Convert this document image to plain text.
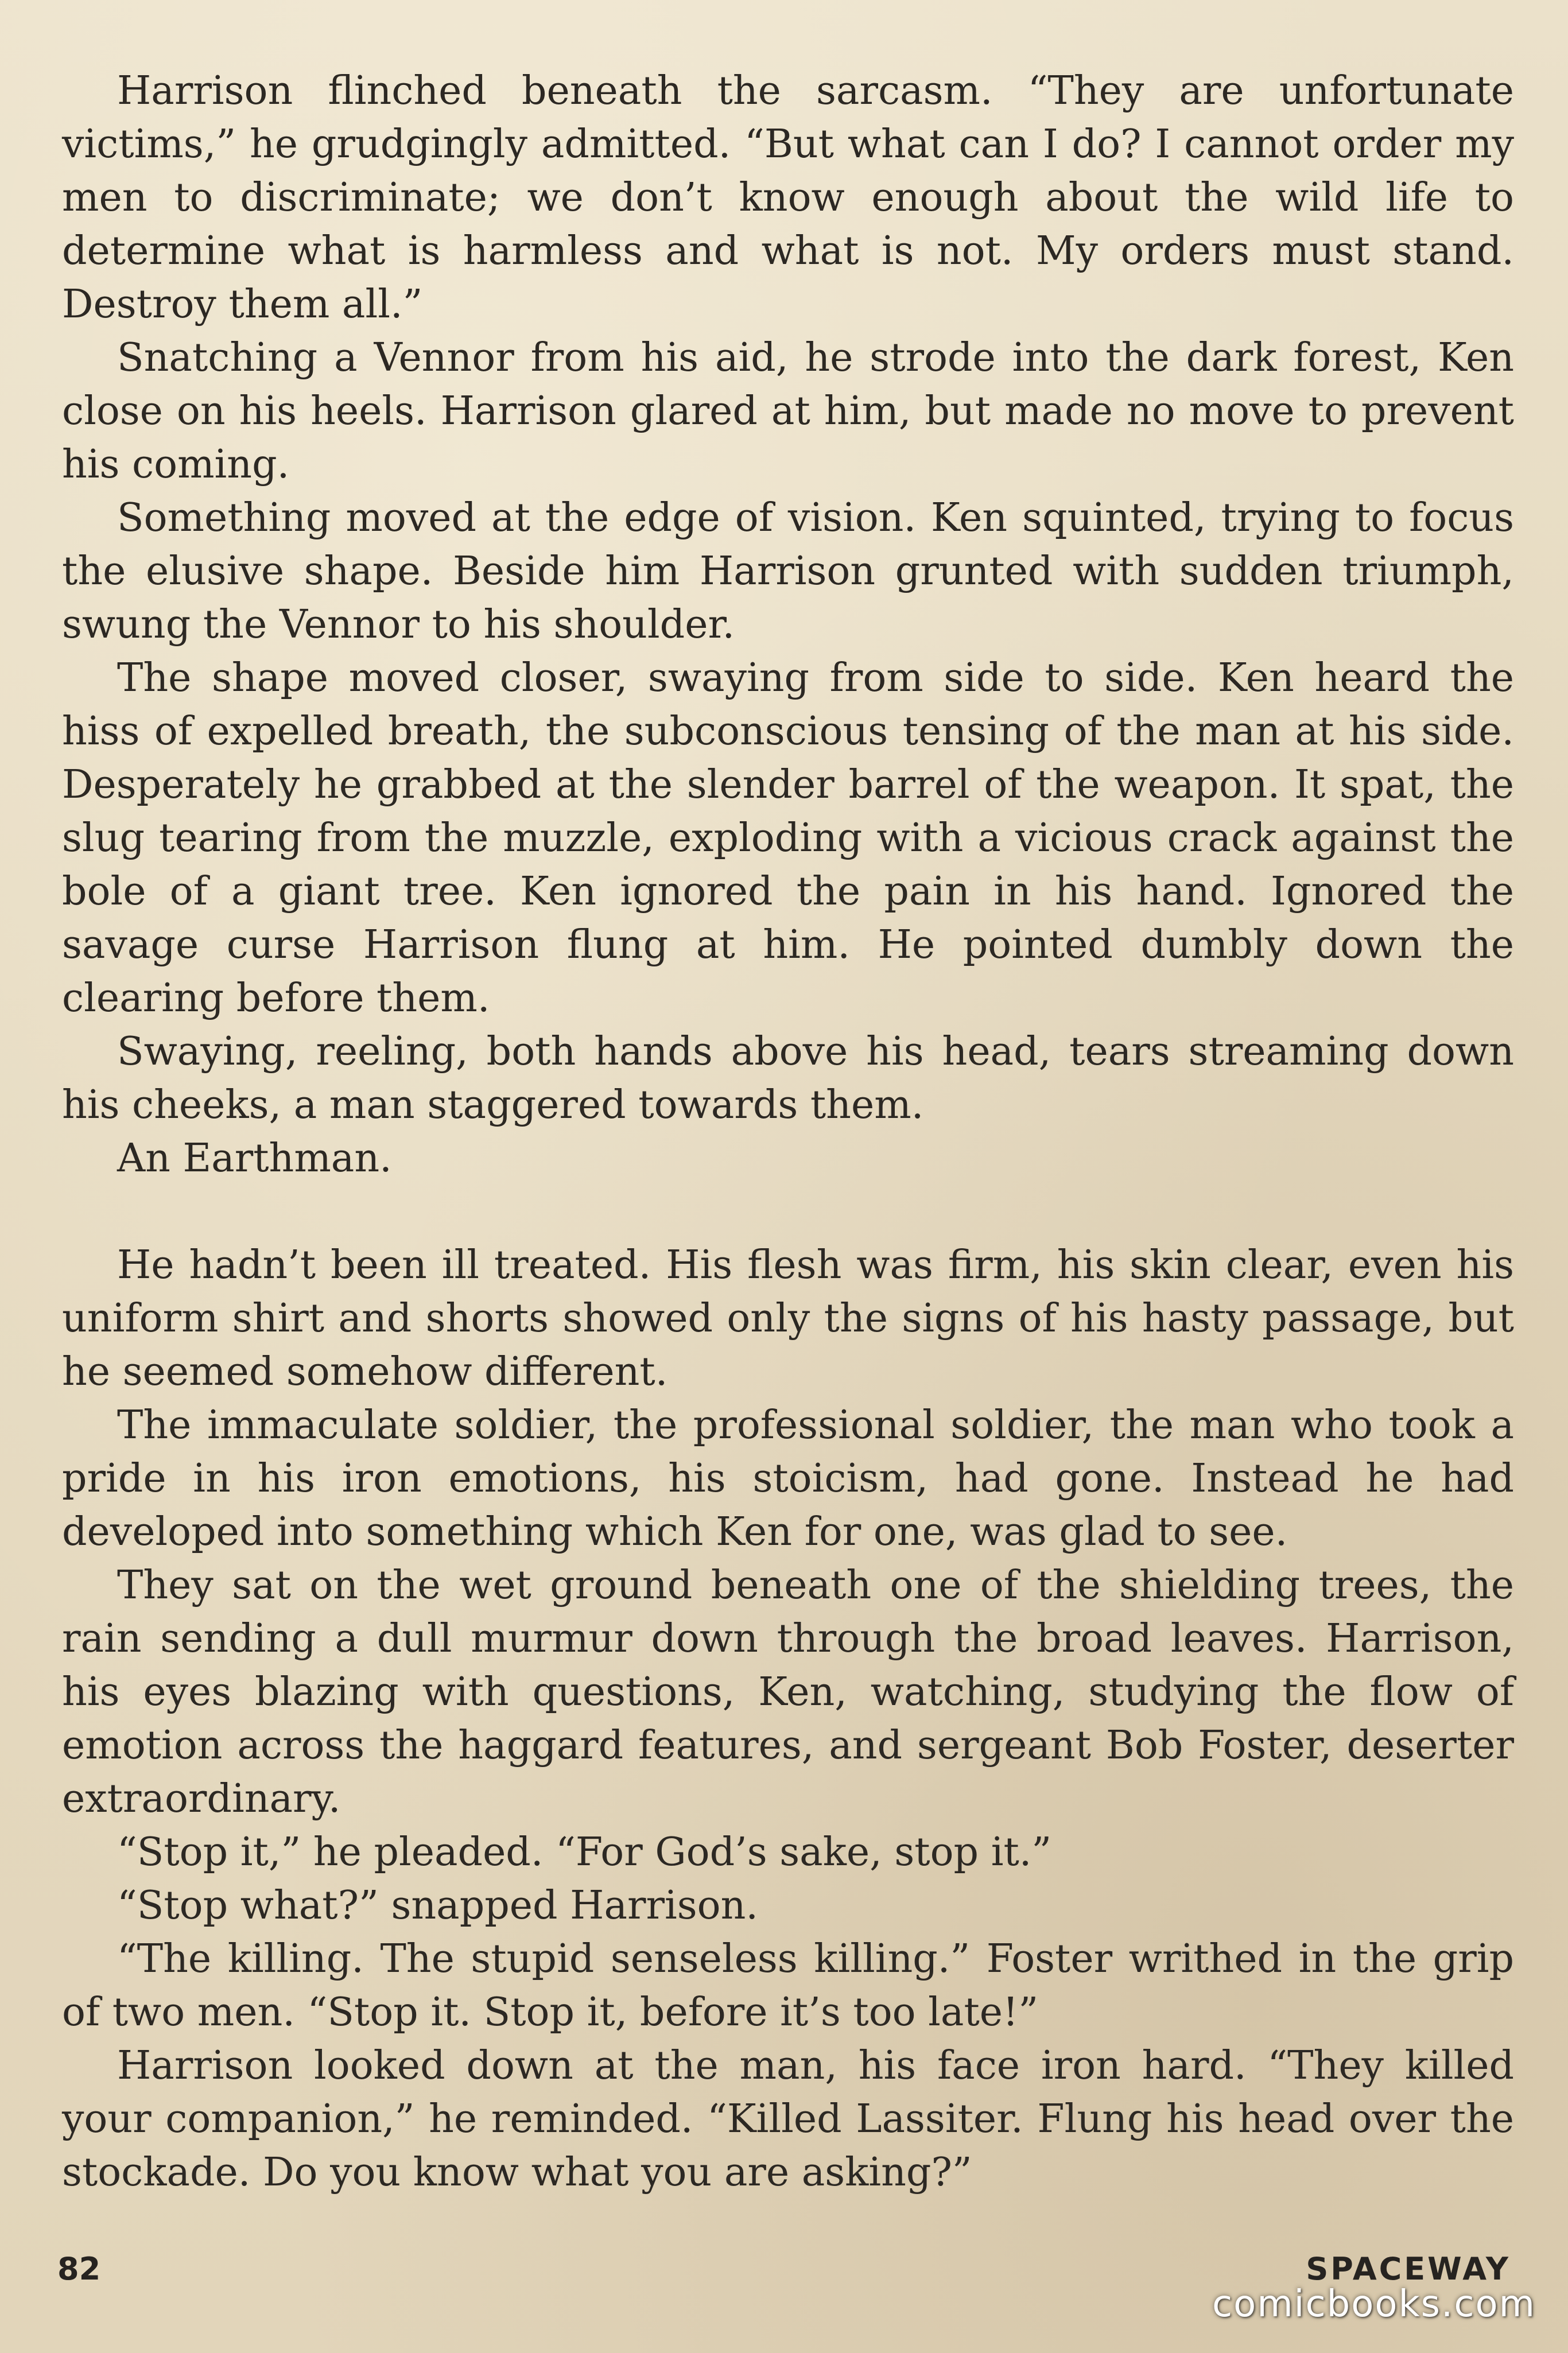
Harrison flinched beneath the sarcasm. “They are unfortunate victims,” he grudgingly admitted. “But what can I do? I cannot order my men to discriminate; we don’t know enough about the wild life to determine what is harmless and what is not. My orders must stand. Destroy them all.”

Snatching a Vennor from his aid, he strode into the dark forest, Ken close on his heels. Harrison glared at him, but made no move to prevent his coming.

Something moved at the edge of vision. Ken squinted, trying to focus the elusive shape. Beside him Harrison grunted with sudden triumph, swung the Vennor to his shoulder.

The shape moved closer, swaying from side to side. Ken heard the hiss of expelled breath, the subconscious tensing of the man at his side. Desperately he grabbed at the slender barrel of the weapon. It spat, the slug tearing from the muzzle, exploding with a vicious crack against the bole of a giant tree. Ken ignored the pain in his hand. Ignored the savage curse Harrison flung at him. He pointed dumbly down the clearing before them.

Swaying, reeling, both hands above his head, tears streaming down his cheeks, a man staggered towards them.

An Earthman.

He hadn’t been ill treated. His flesh was firm, his skin clear, even his uniform shirt and shorts showed only the signs of his hasty passage, but he seemed somehow different.

The immaculate soldier, the professional soldier, the man who took a pride in his iron emotions, his stoicism, had gone. Instead he had developed into something which Ken for one, was glad to see.

They sat on the wet ground beneath one of the shielding trees, the rain sending a dull murmur down through the broad leaves. Harrison, his eyes blazing with questions, Ken, watching, studying the flow of emotion across the haggard features, and sergeant Bob Foster, deserter extraordinary.

“Stop it,” he pleaded. “For God’s sake, stop it.”

“Stop what?” snapped Harrison.

“The killing. The stupid senseless killing.” Foster writhed in the grip of two men. “Stop it. Stop it, before it’s too late!”

Harrison looked down at the man, his face iron hard. “They killed your companion,” he reminded. “Killed Lassiter. Flung his head over the stockade. Do you know what you are asking?”

82	SPACEWAY
comicbooks.com
